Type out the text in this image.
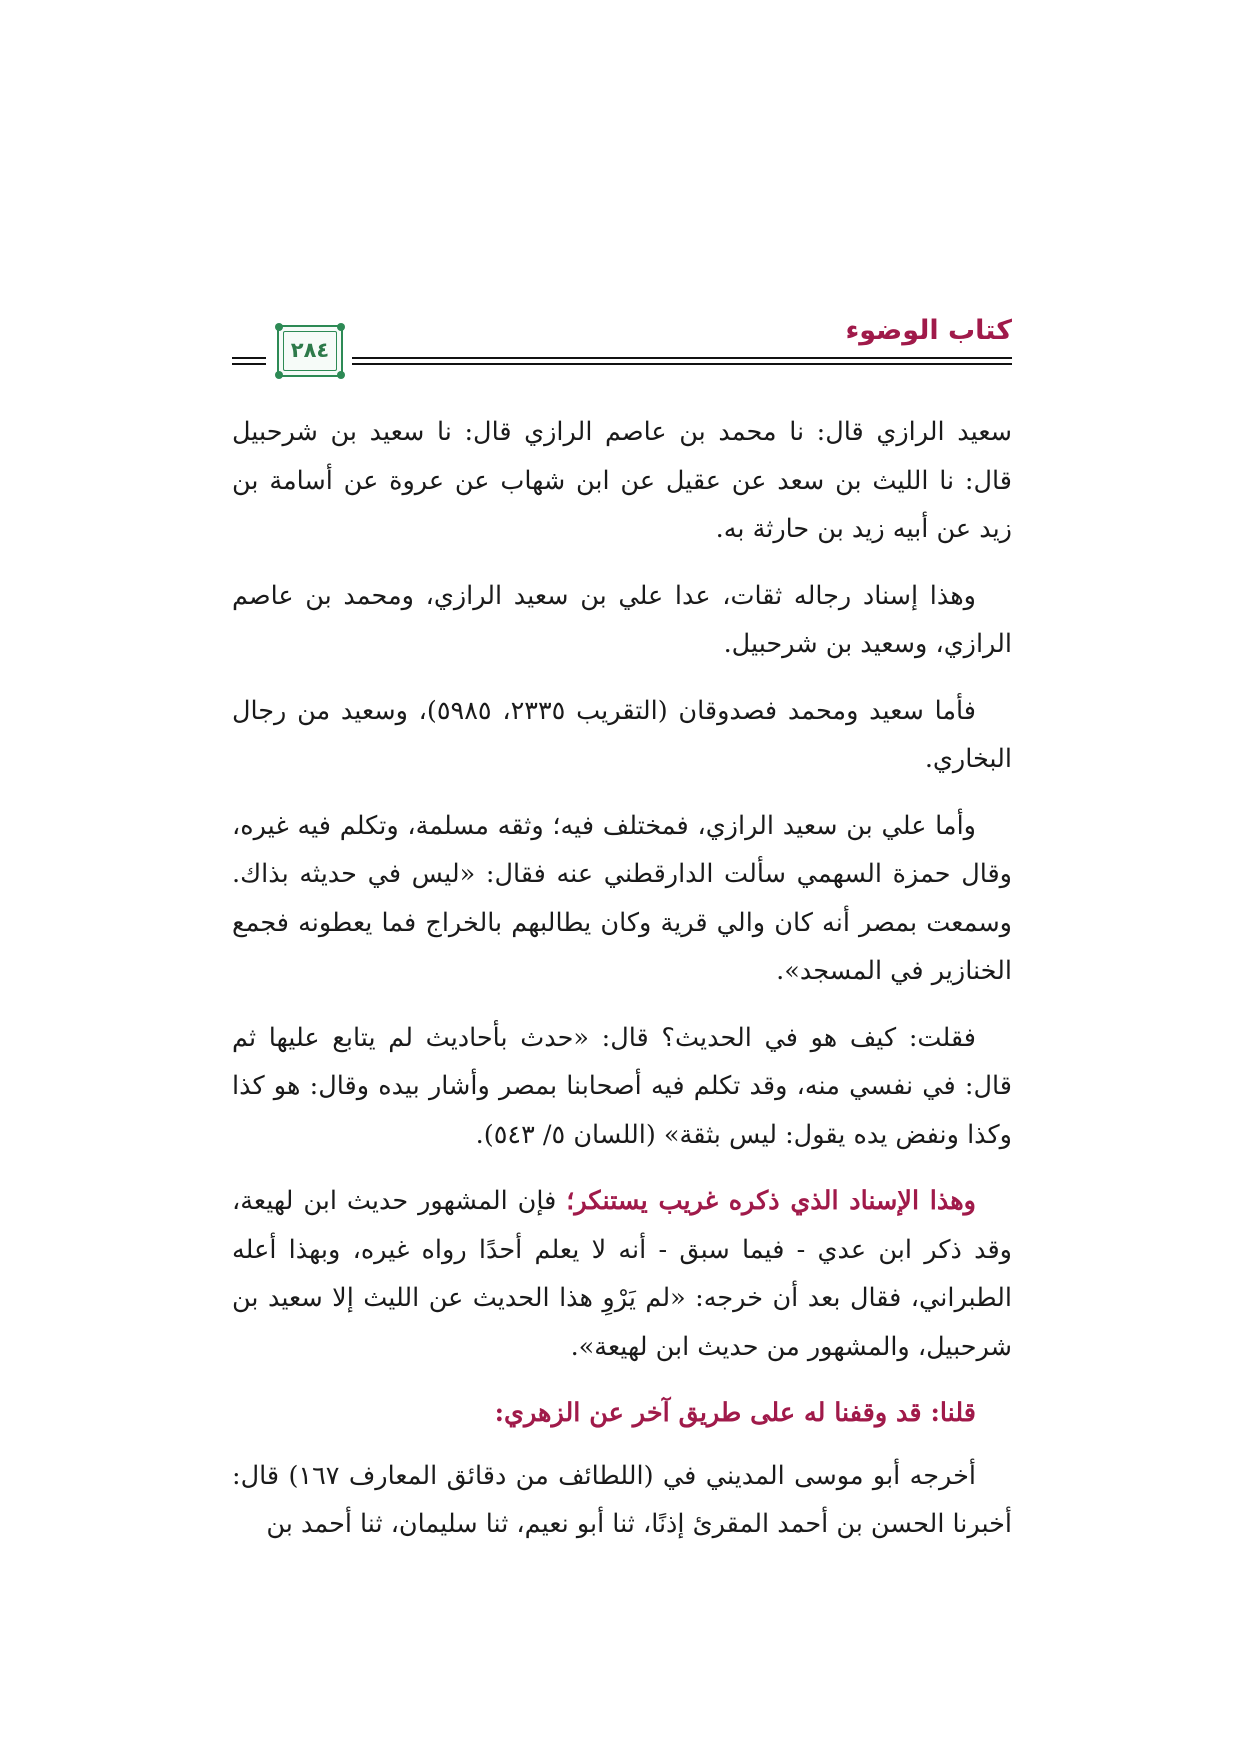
كتاب الوضوء
٢٨٤

سعيد الرازي قال: نا محمد بن عاصم الرازي قال: نا سعيد بن شرحبيل قال: نا الليث بن سعد عن عقيل عن ابن شهاب عن عروة عن أسامة بن زيد عن أبيه زيد بن حارثة به.

وهذا إسناد رجاله ثقات، عدا علي بن سعيد الرازي، ومحمد بن عاصم الرازي، وسعيد بن شرحبيل.

فأما سعيد ومحمد فصدوقان (التقريب ٢٣٣٥، ٥٩٨٥)، وسعيد من رجال البخاري.

وأما علي بن سعيد الرازي، فمختلف فيه؛ وثقه مسلمة، وتكلم فيه غيره، وقال حمزة السهمي سألت الدارقطني عنه فقال: «ليس في حديثه بذاك. وسمعت بمصر أنه كان والي قرية وكان يطالبهم بالخراج فما يعطونه فجمع الخنازير في المسجد».

فقلت: كيف هو في الحديث؟ قال: «حدث بأحاديث لم يتابع عليها ثم قال: في نفسي منه، وقد تكلم فيه أصحابنا بمصر وأشار بيده وقال: هو كذا وكذا ونفض يده يقول: ليس بثقة» (اللسان ٥/ ٥٤٣).

وهذا الإسناد الذي ذكره غريب يستنكر؛ فإن المشهور حديث ابن لهيعة، وقد ذكر ابن عدي - فيما سبق - أنه لا يعلم أحدًا رواه غيره، وبهذا أعله الطبراني، فقال بعد أن خرجه: «لم يَرْوِ هذا الحديث عن الليث إلا سعيد بن شرحبيل، والمشهور من حديث ابن لهيعة».

قلنا: قد وقفنا له على طريق آخر عن الزهري:

أخرجه أبو موسى المديني في (اللطائف من دقائق المعارف ١٦٧) قال: أخبرنا الحسن بن أحمد المقرئ إذنًا، ثنا أبو نعيم، ثنا سليمان، ثنا أحمد بن
